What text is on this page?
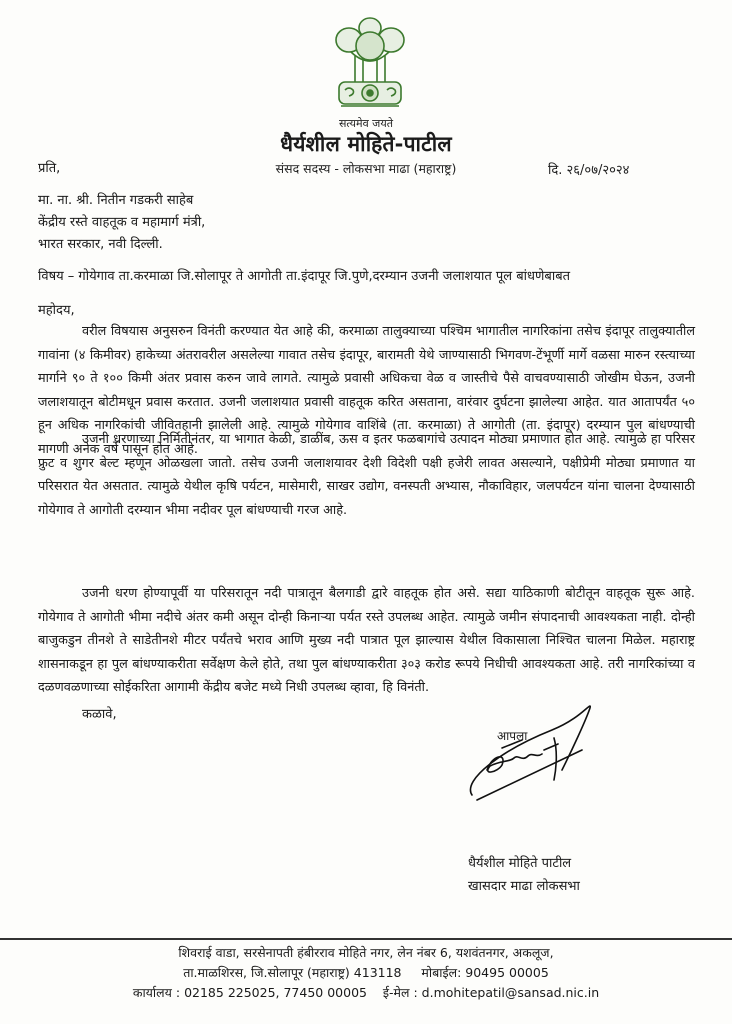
सत्यमेव जयते
धैर्यशील मोहिते-पाटील
संसद सदस्य - लोकसभा माढा (महाराष्ट्र)	दि. २६/०७/२०२४
प्रति,
मा. ना. श्री. नितीन गडकरी साहेब
केंद्रीय रस्ते वाहतूक व महामार्ग मंत्री,
भारत सरकार, नवी दिल्ली.
विषय – गोयेगाव ता.करमाळा जि.सोलापूर ते आगोती ता.इंदापूर जि.पुणे,दरम्यान उजनी जलाशयात पूल बांधणेबाबत
महोदय,
वरील विषयास अनुसरुन विनंती करण्यात येत आहे की, करमाळा तालुक्याच्या पश्चिम भागातील नागरिकांना तसेच इंदापूर तालुक्यातील गावांना (४ किमीवर) हाकेच्या अंतरावरील असलेल्या गावात तसेच इंदापूर, बारामती येथे जाण्यासाठी भिगवण-टेंभूर्णी मार्गे वळसा मारुन रस्त्याच्या मार्गाने ९० ते १०० किमी अंतर प्रवास करुन जावे लागते. त्यामुळे प्रवासी अधिकचा वेळ व जास्तीचे पैसे वाचवण्यासाठी जोखीम घेऊन, उजनी जलाशयातून बोटीमधून प्रवास करतात. उजनी जलाशयात प्रवासी वाहतूक करित असताना, वारंवार दुर्घटना झालेल्या आहेत. यात आतापर्यंत ५० हून अधिक नागरिकांची जीवितहानी झालेली आहे. त्यामुळे गोयेगाव वाशिंबे (ता. करमाळा) ते आगोती (ता. इंदापूर) दरम्यान पुल बांधण्याची मागणी अनेक वर्षे पासून होत आहे.
उजनी धरणाच्या निर्मितीनंतर, या भागात केळी, डाळींब, ऊस व इतर फळबागांचे उत्पादन मोठ्या प्रमाणात होत आहे. त्यामुळे हा परिसर फ्रुट व शुगर बेल्ट म्हणून ओळखला जातो. तसेच उजनी जलाशयावर देशी विदेशी पक्षी हजेरी लावत असल्याने, पक्षीप्रेमी मोठ्या प्रमाणात या परिसरात येत असतात. त्यामुळे येथील कृषि पर्यटन, मासेमारी, साखर उद्योग, वनस्पती अभ्यास, नौकाविहार, जलपर्यटन यांना चालना देण्यासाठी गोयेगाव ते आगोती दरम्यान भीमा नदीवर पूल बांधण्याची गरज आहे.
उजनी धरण होण्यापूर्वी या परिसरातून नदी पात्रातून बैलगाडी द्वारे वाहतूक होत असे. सद्या याठिकाणी बोटीतून वाहतूक सुरू आहे. गोयेगाव ते आगोती भीमा नदीचे अंतर कमी असून दोन्ही किनाऱ्या पर्यत रस्ते उपलब्ध आहेत. त्यामुळे जमीन संपादनाची आवश्यकता नाही. दोन्ही बाजुकडुन तीनशे ते साडेतीनशे मीटर पर्यंतचे भराव आणि मुख्य नदी पात्रात पूल झाल्यास येथील विकासाला निश्चित चालना मिळेल. महाराष्ट्र शासनाकडून हा पुल बांधण्याकरीता सर्वेक्षण केले होते, तथा पुल बांधण्याकरीता ३०३ करोड रूपये निधीची आवश्यकता आहे. तरी नागरिकांच्या व दळणवळणाच्या सोईकरिता आगामी केंद्रीय बजेट मध्ये निधी उपलब्ध व्हावा, हि विनंती.
कळावे,
आपला
धैर्यशील मोहिते पाटील
खासदार माढा लोकसभा
शिवराई वाडा, सरसेनापती हंबीरराव मोहिते नगर, लेन नंबर 6, यशवंतनगर, अकलूज,
ता.माळशिरस, जि.सोलापूर (महाराष्ट्र) 413118 मोबाईल: 90495 00005
कार्यालय : 02185 225025, 77450 00005 ई-मेल : d.mohitepatil@sansad.nic.in
